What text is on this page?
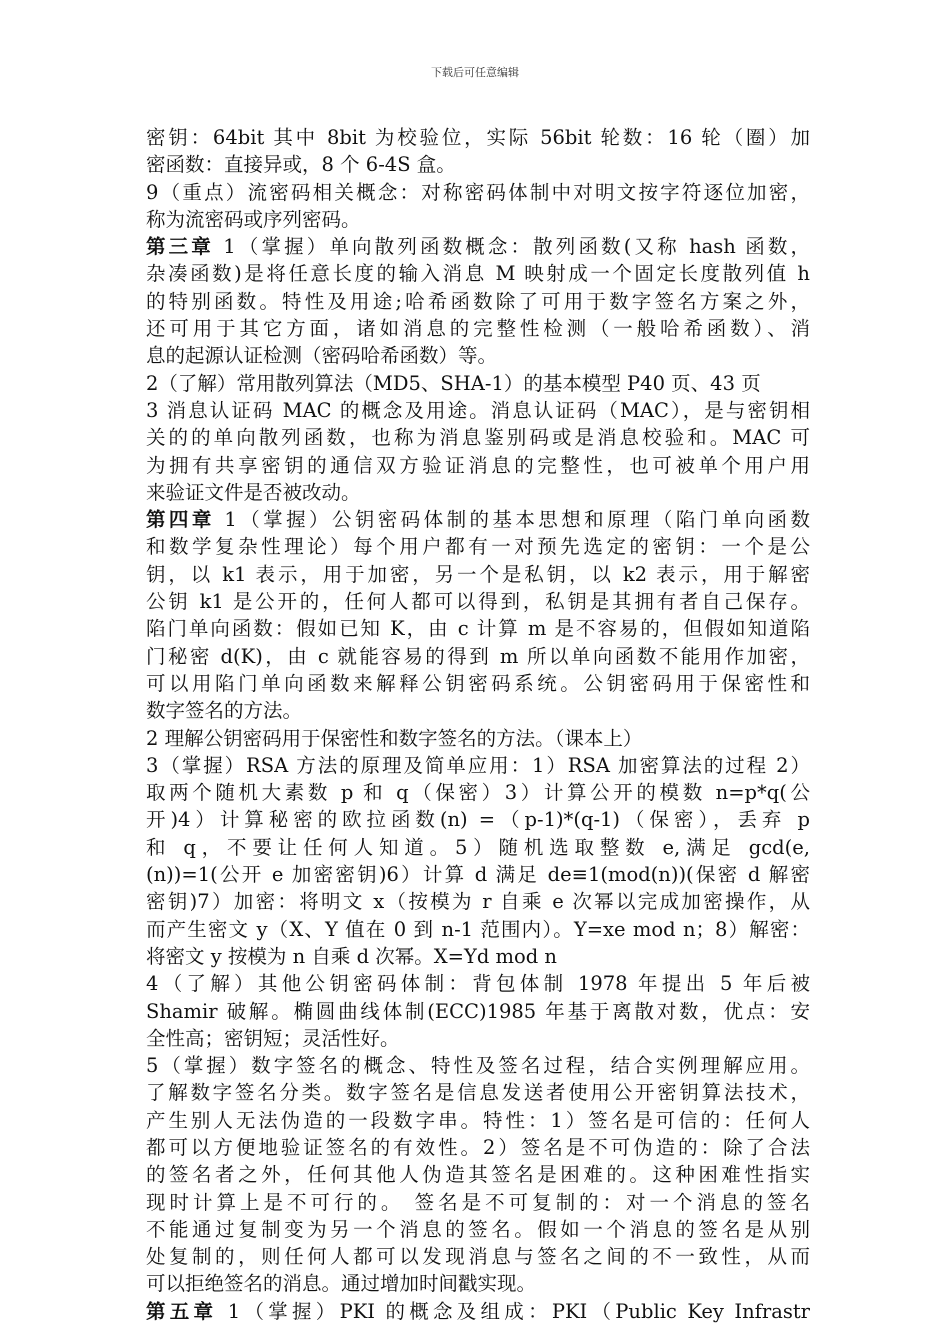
下载后可任意编辑
密钥：64bit 其中 8bit 为校验位，实际 56bit 轮数：16 轮（圈）加
密函数：直接异或，8 个 6-4S 盒。
9（重点）流密码相关概念：对称密码体制中对明文按字符逐位加密，
称为流密码或序列密码。
第三章 1（掌握）单向散列函数概念：散列函数(又称 hash 函数，
杂凑函数)是将任意长度的输入消息 M 映射成一个固定长度散列值 h
的特别函数。特性及用途;哈希函数除了可用于数字签名方案之外，
还可用于其它方面，诸如消息的完整性检测（一般哈希函数）、消
息的起源认证检测（密码哈希函数）等。
2（了解）常用散列算法（MD5、SHA-1）的基本模型 P40 页、43 页
3 消息认证码 MAC 的概念及用途。消息认证码（MAC），是与密钥相
关的的单向散列函数，也称为消息鉴别码或是消息校验和。MAC 可
为拥有共享密钥的通信双方验证消息的完整性，也可被单个用户用
来验证文件是否被改动。
第四章 1（掌握）公钥密码体制的基本思想和原理（陷门单向函数
和数学复杂性理论）每个用户都有一对预先选定的密钥：一个是公
钥，以 k1 表示，用于加密，另一个是私钥，以 k2 表示，用于解密
公钥 k1 是公开的，任何人都可以得到，私钥是其拥有者自己保存。
陷门单向函数：假如已知 K，由 c 计算 m 是不容易的，但假如知道陷
门秘密 d(K)，由 c 就能容易的得到 m 所以单向函数不能用作加密，
可以用陷门单向函数来解释公钥密码系统。公钥密码用于保密性和
数字签名的方法。
2 理解公钥密码用于保密性和数字签名的方法。（课本上）
3（掌握）RSA 方法的原理及简单应用：1）RSA 加密算法的过程 2）
取两个随机大素数 p 和 q（保密）3）计算公开的模数 n=p*q(公
开)4）计算秘密的欧拉函数(n) =（p-1)*(q-1)（保密），丢弃 p
和 q，不要让任何人知道。5）随机选取整数 e,满足 gcd(e,
(n))=1(公开 e 加密密钥)6）计算 d 满足 de≡1(mod(n))(保密 d 解密
密钥)7）加密：将明文 x（按模为 r 自乘 e 次幂以完成加密操作，从
而产生密文 y（X、Y 值在 0 到 n-1 范围内）。Y=xe mod n；8）解密：
将密文 y 按模为 n 自乘 d 次幂。X=Yd mod n
4（了解）其他公钥密码体制：背包体制 1978 年提出 5 年后被
Shamir 破解。椭圆曲线体制(ECC)1985 年基于离散对数，优点：安
全性高；密钥短；灵活性好。
5（掌握）数字签名的概念、特性及签名过程，结合实例理解应用。
了解数字签名分类。数字签名是信息发送者使用公开密钥算法技术，
产生别人无法伪造的一段数字串。特性：1）签名是可信的：任何人
都可以方便地验证签名的有效性。2）签名是不可伪造的：除了合法
的签名者之外，任何其他人伪造其签名是困难的。这种困难性指实
现时计算上是不可行的。 签名是不可复制的：对一个消息的签名
不能通过复制变为另一个消息的签名。假如一个消息的签名是从别
处复制的，则任何人都可以发现消息与签名之间的不一致性，从而
可以拒绝签名的消息。通过增加时间戳实现。
第五章 1（掌握）PKI 的概念及组成：PKI（Public Key Infrastr
